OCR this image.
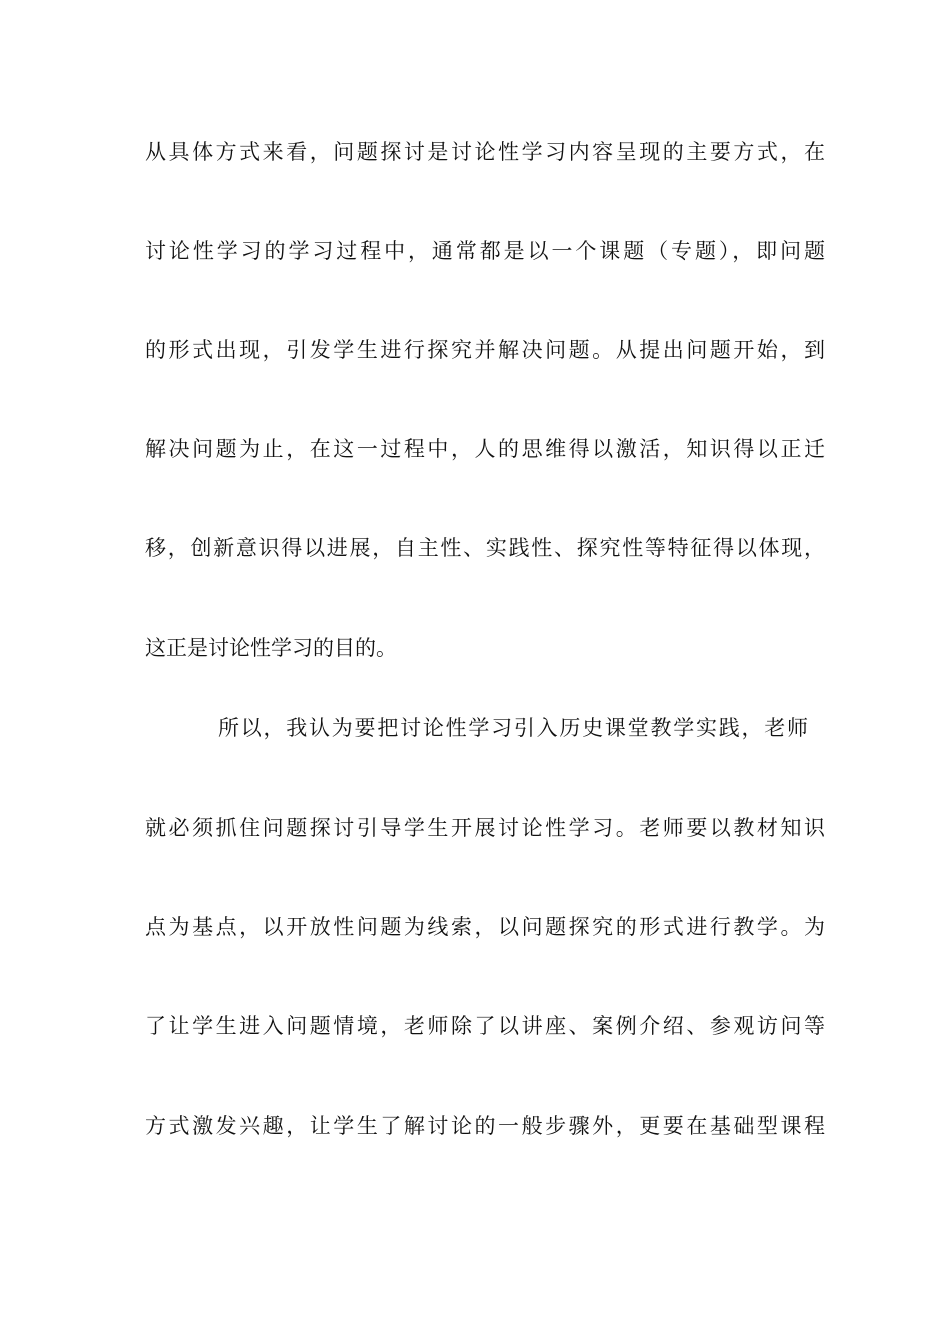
从具体方式来看，问题探讨是讨论性学习内容呈现的主要方式，在
讨论性学习的学习过程中，通常都是以一个课题（专题），即问题
的形式出现，引发学生进行探究并解决问题。从提出问题开始，到
解决问题为止，在这一过程中，人的思维得以激活，知识得以正迁
移，创新意识得以进展，自主性、实践性、探究性等特征得以体现，
这正是讨论性学习的目的。
所以，我认为要把讨论性学习引入历史课堂教学实践，老师
就必须抓住问题探讨引导学生开展讨论性学习。老师要以教材知识
点为基点，以开放性问题为线索，以问题探究的形式进行教学。为
了让学生进入问题情境，老师除了以讲座、案例介绍、参观访问等
方式激发兴趣，让学生了解讨论的一般步骤外，更要在基础型课程
